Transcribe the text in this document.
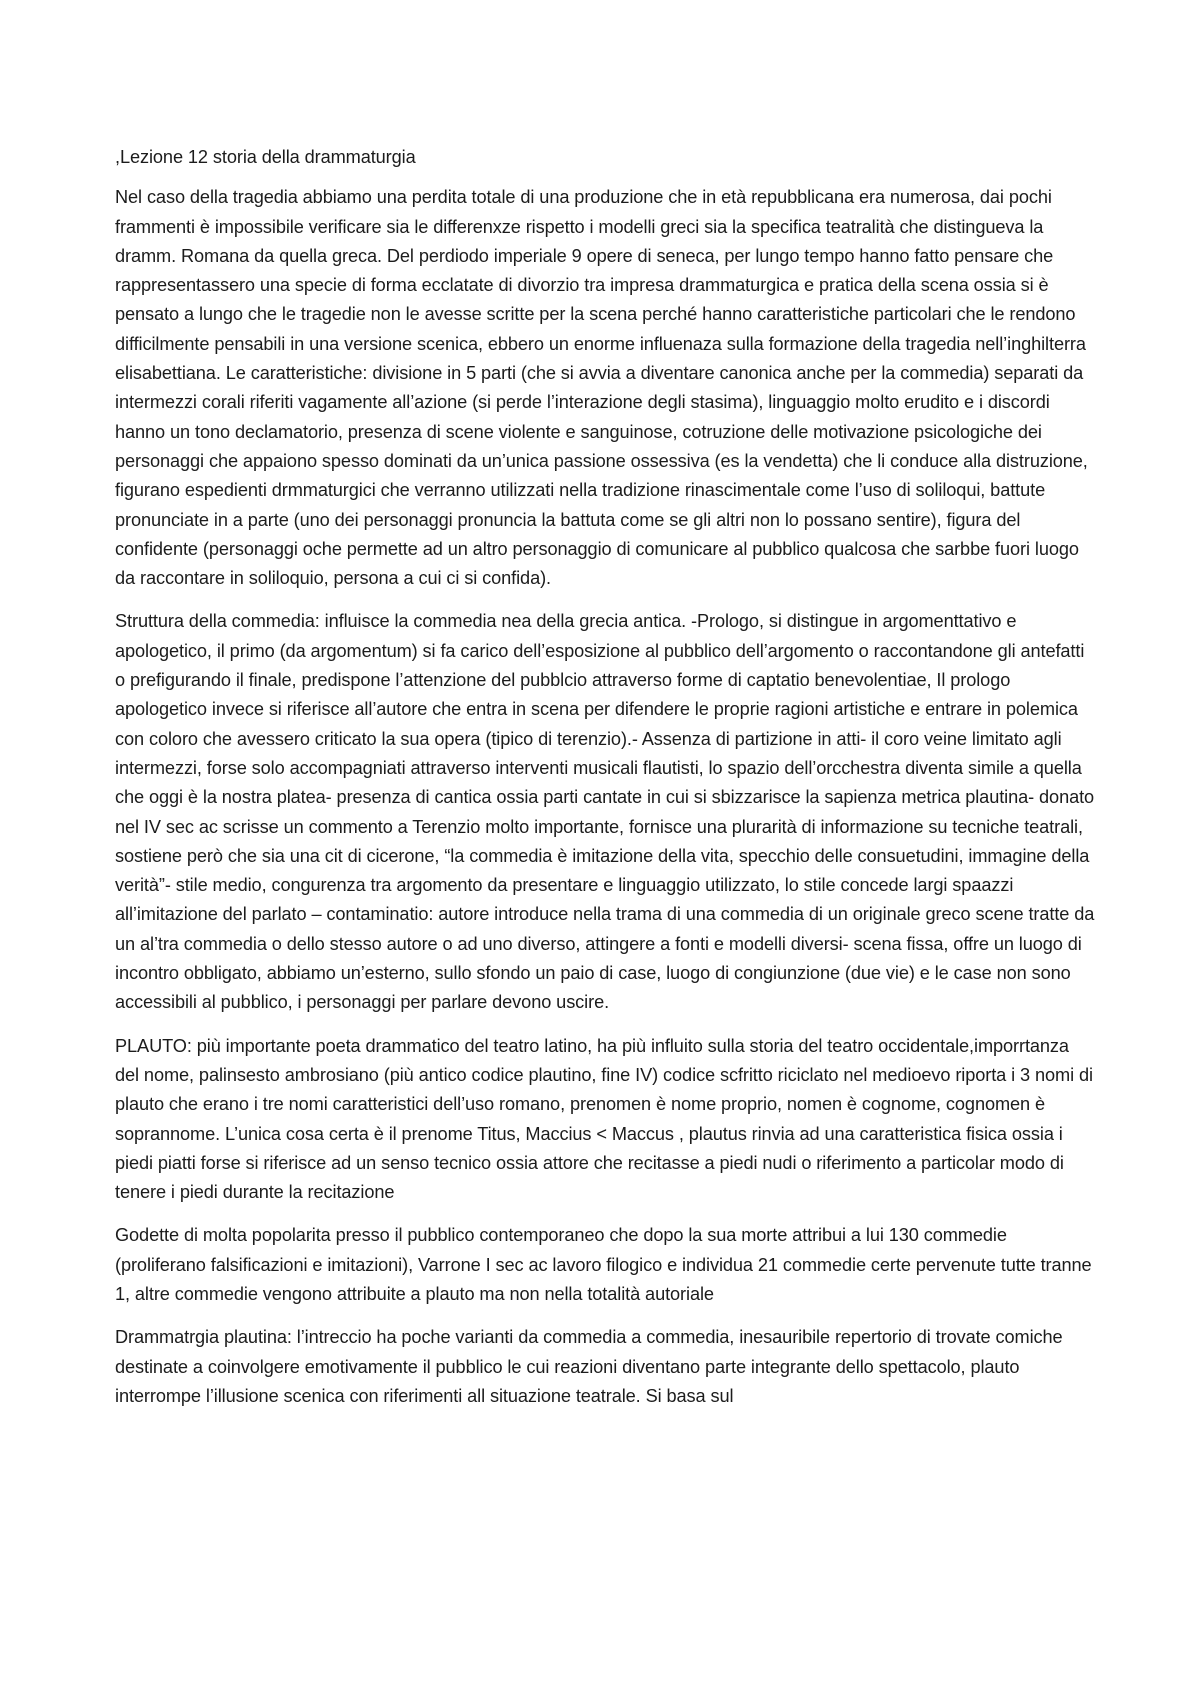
,Lezione 12 storia della drammaturgia

Nel caso della tragedia abbiamo una perdita totale di una produzione che in età repubblicana era numerosa, dai pochi frammenti è impossibile verificare sia le differenxze rispetto i modelli greci sia la specifica teatralità che distingueva la dramm. Romana da quella greca. Del perdiodo imperiale 9 opere di seneca, per lungo tempo hanno fatto pensare che rappresentassero una specie di forma ecclatate di divorzio tra impresa drammaturgica e pratica della scena ossia si è pensato a lungo che le tragedie non le avesse scritte per la scena perché hanno caratteristiche particolari che le rendono difficilmente pensabili in una versione scenica, ebbero un enorme influenaza sulla formazione della tragedia nell’inghilterra elisabettiana. Le caratteristiche: divisione in 5 parti (che si avvia a diventare canonica anche per la commedia) separati da intermezzi corali riferiti vagamente all’azione (si perde l’interazione degli stasima), linguaggio molto erudito e i discordi hanno un tono declamatorio, presenza di scene violente e sanguinose, cotruzione delle motivazione psicologiche dei personaggi che appaiono spesso dominati da un’unica passione ossessiva (es la vendetta) che li conduce alla distruzione, figurano espedienti drmmaturgici che verranno utilizzati nella tradizione rinascimentale come l’uso di soliloqui, battute pronunciate in a parte (uno dei personaggi pronuncia la battuta come se gli altri non lo possano sentire), figura del confidente (personaggi oche permette ad un altro personaggio di comunicare al pubblico qualcosa che sarbbe fuori luogo da raccontare in soliloquio, persona a cui ci si confida).

Struttura della commedia: influisce la commedia nea della grecia antica. -Prologo, si distingue in argomenttativo e apologetico, il primo (da argomentum) si fa carico dell’esposizione al pubblico dell’argomento o raccontandone gli antefatti o prefigurando il finale, predispone l’attenzione del pubblcio attraverso forme di captatio benevolentiae, Il prologo apologetico invece si riferisce all’autore che entra in scena per difendere le proprie ragioni artistiche e entrare in polemica con coloro che avessero criticato la sua opera (tipico di terenzio).- Assenza di partizione in atti- il coro veine limitato agli intermezzi, forse solo accompagniati attraverso interventi musicali flautisti, lo spazio dell’orcchestra diventa simile a quella che oggi è la nostra platea- presenza di cantica ossia parti cantate in cui si sbizzarisce la sapienza metrica plautina- donato nel IV sec ac scrisse un commento a Terenzio molto importante, fornisce una plurarità di informazione su tecniche teatrali, sostiene però che sia una cit di cicerone, “la commedia è imitazione della vita, specchio delle consuetudini, immagine della verità”- stile medio, congurenza tra argomento da presentare e linguaggio utilizzato, lo stile concede largi spaazzi all’imitazione del parlato – contaminatio: autore introduce nella trama di una commedia di un originale greco scene tratte da un al’tra commedia o dello stesso autore o ad uno diverso, attingere a fonti e modelli diversi- scena fissa, offre un luogo di incontro obbligato, abbiamo un’esterno, sullo sfondo un paio di case, luogo di congiunzione (due vie) e le case non sono accessibili al pubblico, i personaggi per parlare devono uscire.

PLAUTO: più importante poeta drammatico del teatro latino, ha più influito sulla storia del teatro occidentale,imporrtanza del nome, palinsesto ambrosiano (più antico codice plautino, fine IV) codice scfritto riciclato nel medioevo riporta i 3 nomi di plauto che erano i tre nomi caratteristici dell’uso romano, prenomen è nome proprio, nomen è cognome, cognomen è soprannome. L’unica cosa certa è il prenome Titus, Maccius < Maccus , plautus rinvia ad una caratteristica fisica ossia i piedi piatti forse si riferisce ad un senso tecnico ossia attore che recitasse a piedi nudi o riferimento a particolar modo di tenere i piedi durante la recitazione

Godette di molta popolarita presso il pubblico contemporaneo che dopo la sua morte attribui a lui 130 commedie (proliferano falsificazioni e imitazioni), Varrone I sec ac lavoro filogico e individua 21 commedie certe pervenute tutte tranne 1, altre commedie vengono attribuite a plauto ma non nella totalità autoriale

Drammatrgia plautina: l’intreccio ha poche varianti da commedia a commedia, inesauribile repertorio di trovate comiche destinate a coinvolgere emotivamente il pubblico le cui reazioni diventano parte integrante dello spettacolo, plauto interrompe l’illusione scenica con riferimenti all situazione teatrale. Si basa sul
